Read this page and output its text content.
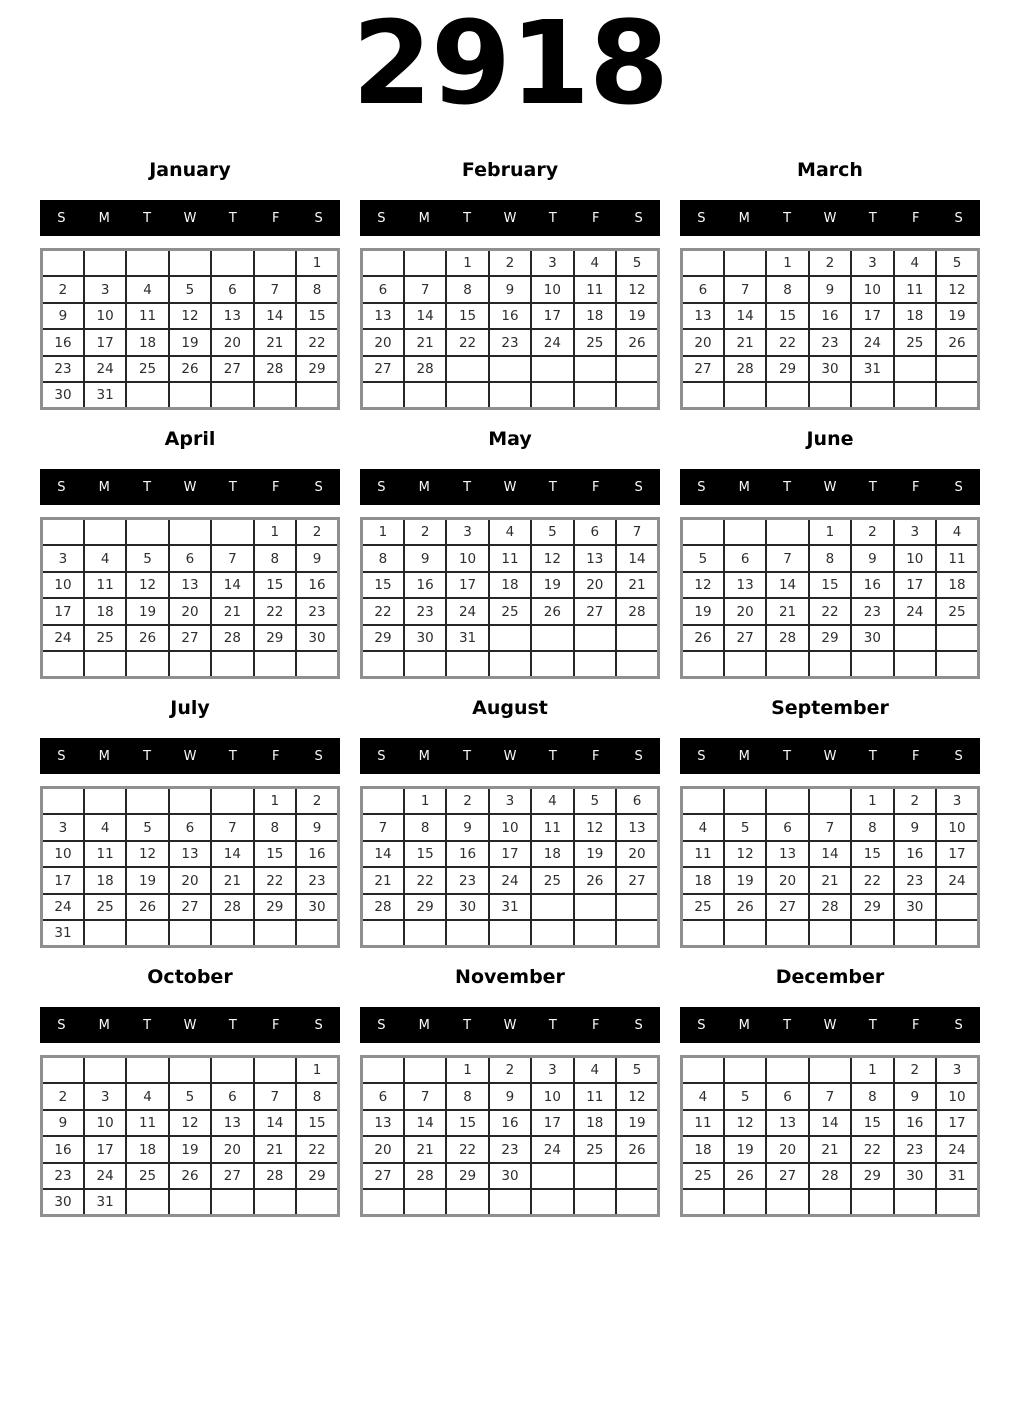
2918
January
S	M	T	W	T	F	S
						1
2	3	4	5	6	7	8
9	10	11	12	13	14	15
16	17	18	19	20	21	22
23	24	25	26	27	28	29
30	31					
February
S	M	T	W	T	F	S
		1	2	3	4	5
6	7	8	9	10	11	12
13	14	15	16	17	18	19
20	21	22	23	24	25	26
27	28					

March
S	M	T	W	T	F	S
		1	2	3	4	5
6	7	8	9	10	11	12
13	14	15	16	17	18	19
20	21	22	23	24	25	26
27	28	29	30	31		

April
S	M	T	W	T	F	S
					1	2
3	4	5	6	7	8	9
10	11	12	13	14	15	16
17	18	19	20	21	22	23
24	25	26	27	28	29	30

May
S	M	T	W	T	F	S
1	2	3	4	5	6	7
8	9	10	11	12	13	14
15	16	17	18	19	20	21
22	23	24	25	26	27	28
29	30	31				

June
S	M	T	W	T	F	S
			1	2	3	4
5	6	7	8	9	10	11
12	13	14	15	16	17	18
19	20	21	22	23	24	25
26	27	28	29	30		

July
S	M	T	W	T	F	S
					1	2
3	4	5	6	7	8	9
10	11	12	13	14	15	16
17	18	19	20	21	22	23
24	25	26	27	28	29	30
31						
August
S	M	T	W	T	F	S
	1	2	3	4	5	6
7	8	9	10	11	12	13
14	15	16	17	18	19	20
21	22	23	24	25	26	27
28	29	30	31			

September
S	M	T	W	T	F	S
				1	2	3
4	5	6	7	8	9	10
11	12	13	14	15	16	17
18	19	20	21	22	23	24
25	26	27	28	29	30	

October
S	M	T	W	T	F	S
						1
2	3	4	5	6	7	8
9	10	11	12	13	14	15
16	17	18	19	20	21	22
23	24	25	26	27	28	29
30	31					
November
S	M	T	W	T	F	S
		1	2	3	4	5
6	7	8	9	10	11	12
13	14	15	16	17	18	19
20	21	22	23	24	25	26
27	28	29	30			

December
S	M	T	W	T	F	S
				1	2	3
4	5	6	7	8	9	10
11	12	13	14	15	16	17
18	19	20	21	22	23	24
25	26	27	28	29	30	31
